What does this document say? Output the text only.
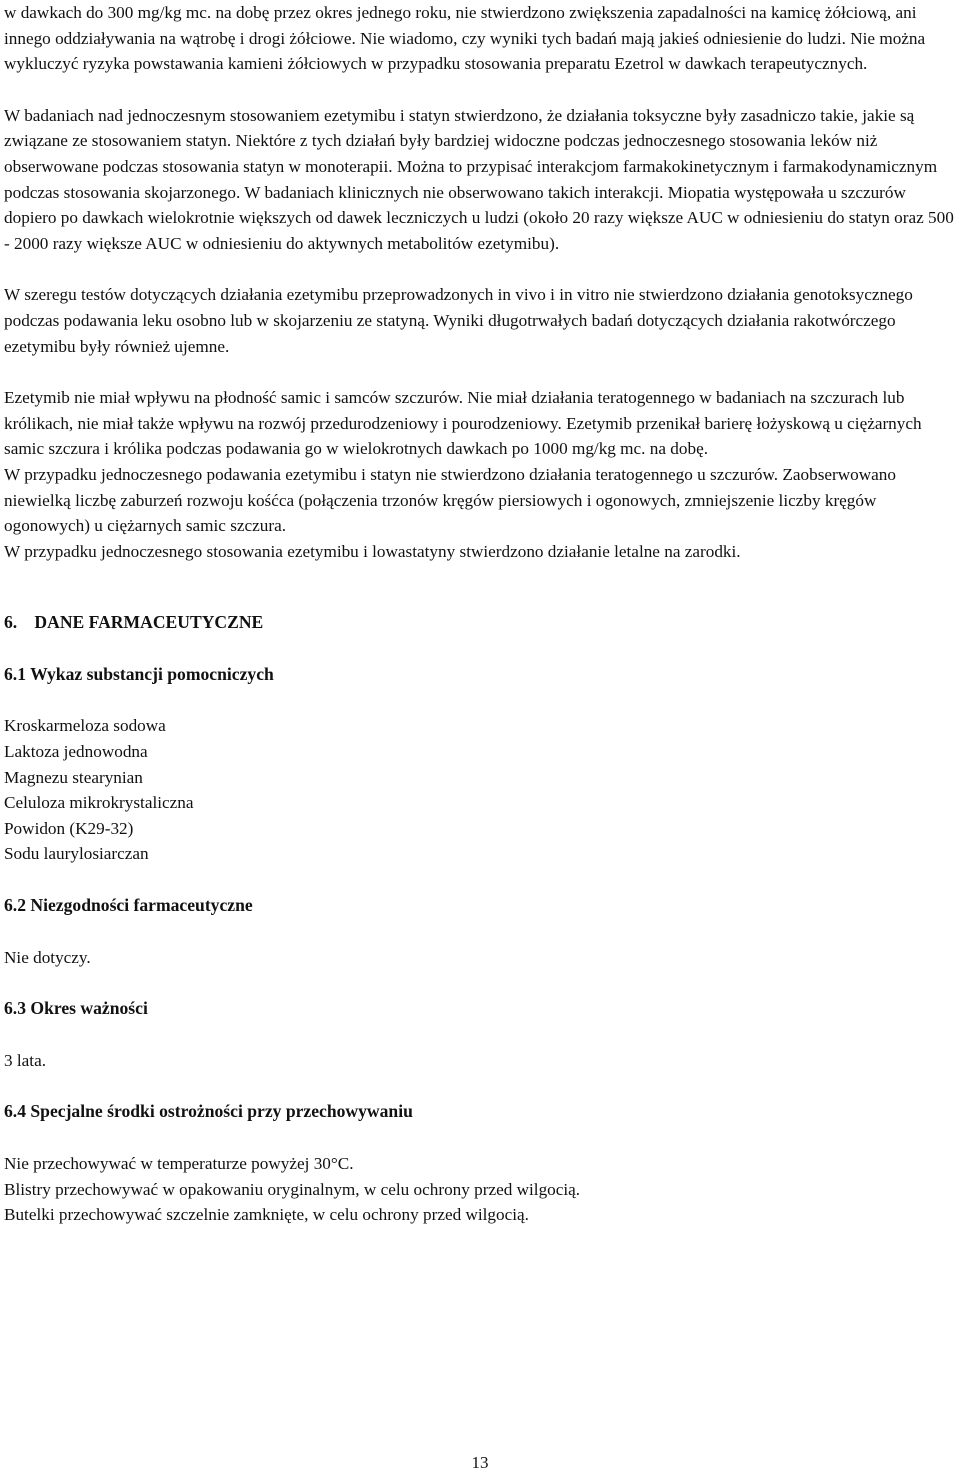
w dawkach do 300 mg/kg mc. na dobę przez okres jednego roku, nie stwierdzono zwiększenia zapadalności na kamicę żółciową, ani innego oddziaływania na wątrobę i drogi żółciowe. Nie wiadomo, czy wyniki tych badań mają jakieś odniesienie do ludzi. Nie można wykluczyć ryzyka powstawania kamieni żółciowych w przypadku stosowania preparatu Ezetrol w dawkach terapeutycznych.

W badaniach nad jednoczesnym stosowaniem ezetymibu i statyn stwierdzono, że działania toksyczne były zasadniczo takie, jakie są związane ze stosowaniem statyn. Niektóre z tych działań były bardziej widoczne podczas jednoczesnego stosowania leków niż obserwowane podczas stosowania statyn w monoterapii. Można to przypisać interakcjom farmakokinetycznym i farmakodynamicznym podczas stosowania skojarzonego. W badaniach klinicznych nie obserwowano takich interakcji. Miopatia występowała u szczurów dopiero po dawkach wielokrotnie większych od dawek leczniczych u ludzi (około 20 razy większe AUC w odniesieniu do statyn oraz 500 - 2000 razy większe AUC w odniesieniu do aktywnych metabolitów ezetymibu).

W szeregu testów dotyczących działania ezetymibu przeprowadzonych in vivo i in vitro nie stwierdzono działania genotoksycznego podczas podawania leku osobno lub w skojarzeniu ze statyną. Wyniki długotrwałych badań dotyczących działania rakotwórczego ezetymibu były również ujemne.

Ezetymib nie miał wpływu na płodność samic i samców szczurów. Nie miał działania teratogennego w badaniach na szczurach lub królikach, nie miał także wpływu na rozwój przedurodzeniowy i pourodzeniowy. Ezetymib przenikał barierę łożyskową u ciężarnych samic szczura i królika podczas podawania go w wielokrotnych dawkach po 1000 mg/kg mc. na dobę.

W przypadku jednoczesnego podawania ezetymibu i statyn nie stwierdzono działania teratogennego u szczurów. Zaobserwowano niewielką liczbę zaburzeń rozwoju kośćca (połączenia trzonów kręgów piersiowych i ogonowych, zmniejszenie liczby kręgów ogonowych) u ciężarnych samic szczura.

W przypadku jednoczesnego stosowania ezetymibu i lowastatyny stwierdzono działanie letalne na zarodki.

6. DANE FARMACEUTYCZNE

6.1 Wykaz substancji pomocniczych

Kroskarmeloza sodowa

Laktoza jednowodna

Magnezu stearynian

Celuloza mikrokrystaliczna

Powidon (K29-32)

Sodu laurylosiarczan

6.2 Niezgodności farmaceutyczne

Nie dotyczy.

6.3 Okres ważności

3 lata.

6.4 Specjalne środki ostrożności przy przechowywaniu

Nie przechowywać w temperaturze powyżej 30°C.

Blistry przechowywać w opakowaniu oryginalnym, w celu ochrony przed wilgocią.

Butelki przechowywać szczelnie zamknięte, w celu ochrony przed wilgocią.

13
